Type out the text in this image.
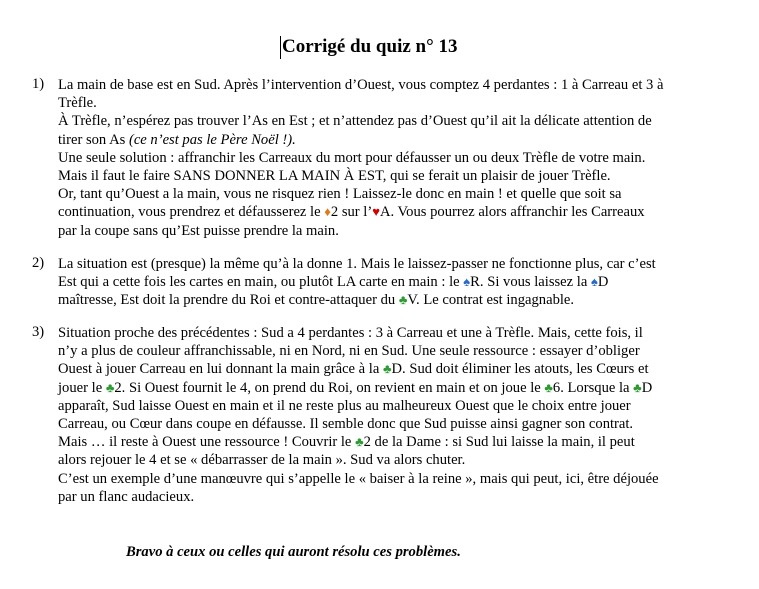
Corrigé du quiz n° 13
1) La main de base est en Sud. Après l’intervention d’Ouest, vous comptez 4 perdantes : 1 à Carreau et 3 à
Trèfle.
À Trèfle, n’espérez pas trouver l’As en Est ; et n’attendez pas d’Ouest qu’il ait la délicate attention de
tirer son As (ce n’est pas le Père Noël !).
Une seule solution : affranchir les Carreaux du mort pour défausser un ou deux Trèfle de votre main.
Mais il faut le faire SANS DONNER LA MAIN À EST, qui se ferait un plaisir de jouer Trèfle.
Or, tant qu’Ouest a la main, vous ne risquez rien ! Laissez-le donc en main ! et quelle que soit sa
continuation, vous prendrez et défausserez le ♦2 sur l’♥A. Vous pourrez alors affranchir les Carreaux
par la coupe sans qu’Est puisse prendre la main.
2) La situation est (presque) la même qu’à la donne 1. Mais le laissez-passer ne fonctionne plus, car c’est
Est qui a cette fois les cartes en main, ou plutôt LA carte en main : le ♠R. Si vous laissez la ♠D
maîtresse, Est doit la prendre du Roi et contre-attaquer du ♣V. Le contrat est ingagnable.
3) Situation proche des précédentes : Sud a 4 perdantes : 3 à Carreau et une à Trèfle. Mais, cette fois, il
n’y a plus de couleur affranchissable, ni en Nord, ni en Sud. Une seule ressource : essayer d’obliger
Ouest à jouer Carreau en lui donnant la main grâce à la ♣D. Sud doit éliminer les atouts, les Cœurs et
jouer le ♣2. Si Ouest fournit le 4, on prend du Roi, on revient en main et on joue le ♣6. Lorsque la ♣D
apparaît, Sud laisse Ouest en main et il ne reste plus au malheureux Ouest que le choix entre jouer
Carreau, ou Cœur dans coupe en défausse. Il semble donc que Sud puisse ainsi gagner son contrat.
Mais … il reste à Ouest une ressource ! Couvrir le ♣2 de la Dame : si Sud lui laisse la main, il peut
alors rejouer le 4 et se « débarrasser de la main ». Sud va alors chuter.
C’est un exemple d’une manœuvre qui s’appelle le « baiser à la reine », mais qui peut, ici, être déjouée
par un flanc audacieux.
Bravo à ceux ou celles qui auront résolu ces problèmes.
